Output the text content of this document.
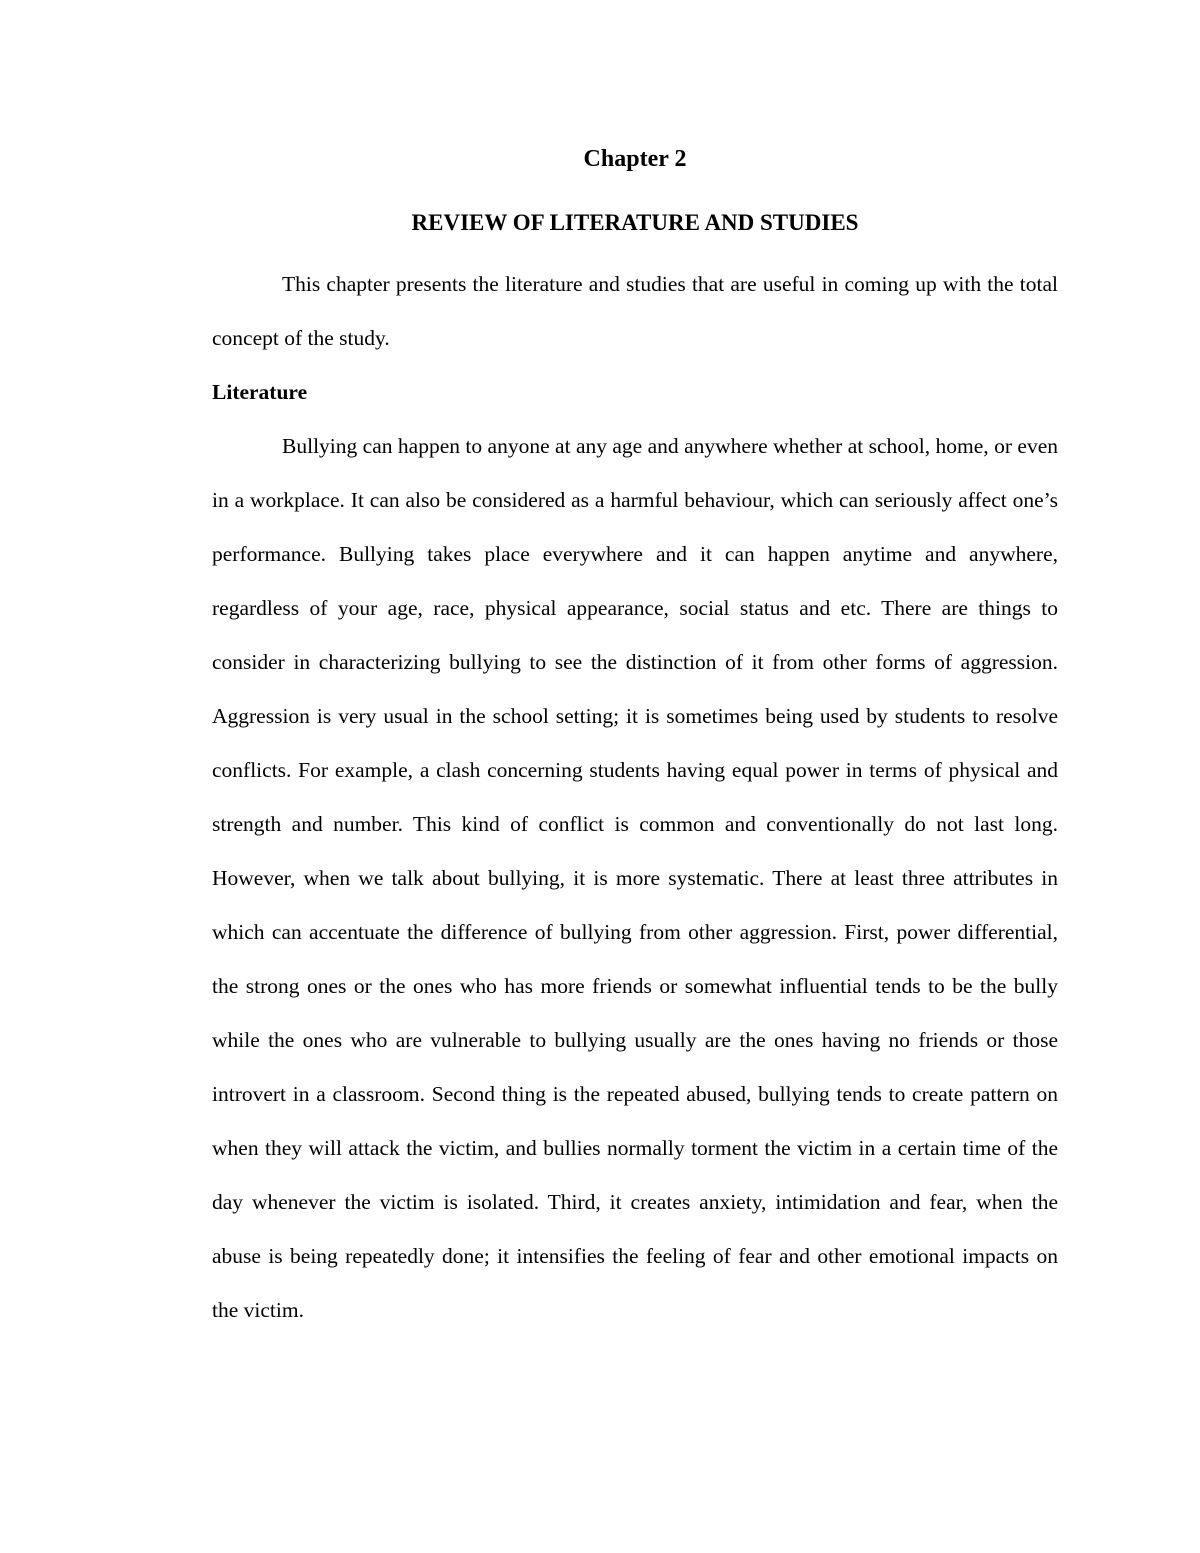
Chapter 2
REVIEW OF LITERATURE AND STUDIES

This chapter presents the literature and studies that are useful in coming up with the total concept of the study.

Literature

Bullying can happen to anyone at any age and anywhere whether at school, home, or even in a workplace. It can also be considered as a harmful behaviour, which can seriously affect one’s performance. Bullying takes place everywhere and it can happen anytime and anywhere, regardless of your age, race, physical appearance, social status and etc. There are things to consider in characterizing bullying to see the distinction of it from other forms of aggression. Aggression is very usual in the school setting; it is sometimes being used by students to resolve conflicts. For example, a clash concerning students having equal power in terms of physical and strength and number. This kind of conflict is common and conventionally do not last long. However, when we talk about bullying, it is more systematic. There at least three attributes in which can accentuate the difference of bullying from other aggression. First, power differential, the strong ones or the ones who has more friends or somewhat influential tends to be the bully while the ones who are vulnerable to bullying usually are the ones having no friends or those introvert in a classroom. Second thing is the repeated abused, bullying tends to create pattern on when they will attack the victim, and bullies normally torment the victim in a certain time of the day whenever the victim is isolated. Third, it creates anxiety, intimidation and fear, when the abuse is being repeatedly done; it intensifies the feeling of fear and other emotional impacts on the victim.
